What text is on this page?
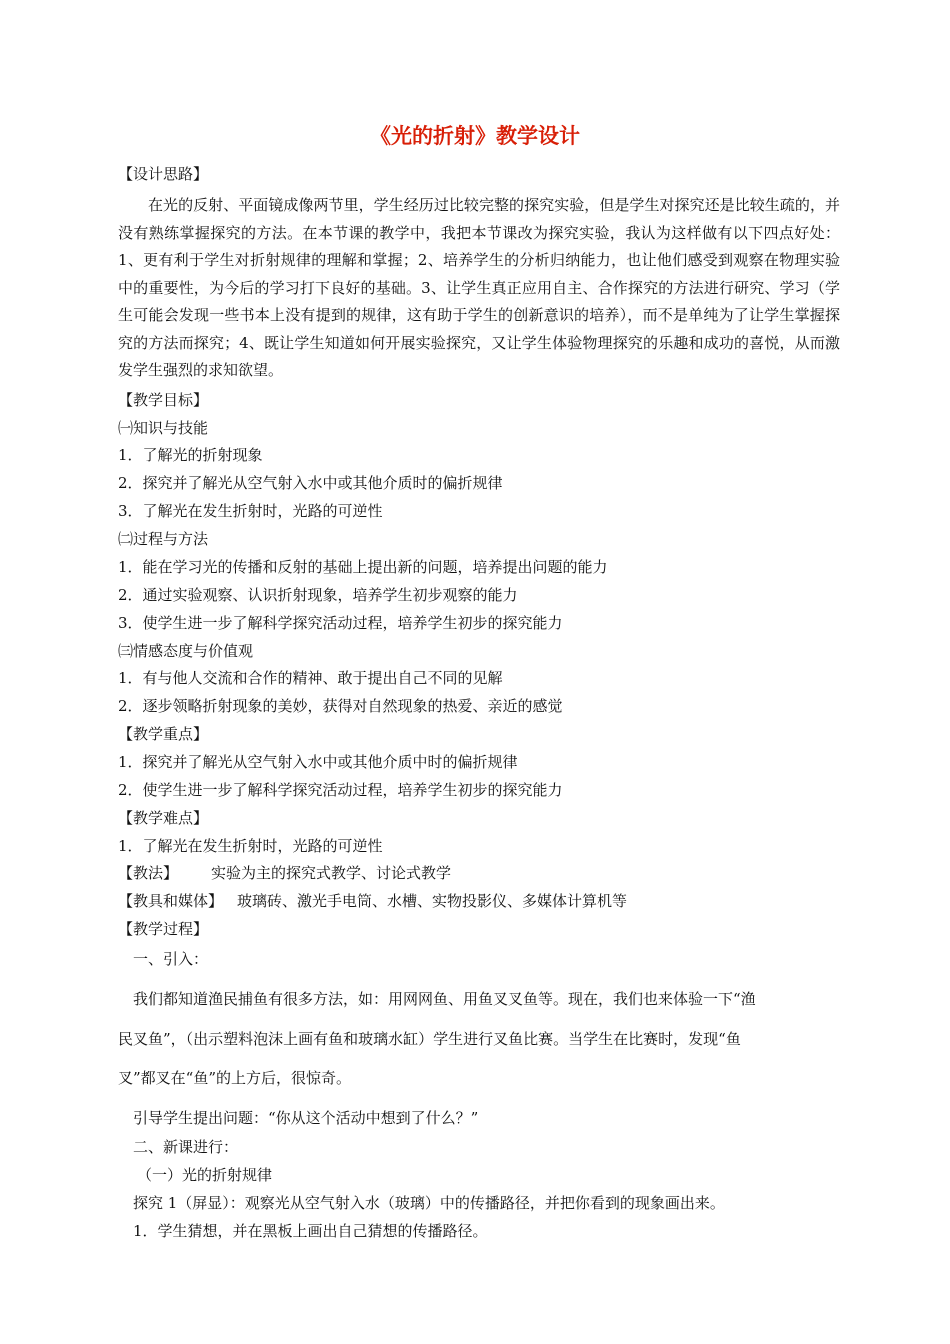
《光的折射》教学设计
【设计思路】
在光的反射、平面镜成像两节里，学生经历过比较完整的探究实验，但是学生对探究还是比较生疏的，并没有熟练掌握探究的方法。在本节课的教学中，我把本节课改为探究实验，我认为这样做有以下四点好处：1、更有利于学生对折射规律的理解和掌握；2、培养学生的分析归纳能力，也让他们感受到观察在物理实验中的重要性，为今后的学习打下良好的基础。3、让学生真正应用自主、合作探究的方法进行研究、学习（学生可能会发现一些书本上没有提到的规律，这有助于学生的创新意识的培养），而不是单纯为了让学生掌握探究的方法而探究；4、既让学生知道如何开展实验探究，又让学生体验物理探究的乐趣和成功的喜悦，从而激发学生强烈的求知欲望。
【教学目标】
㈠知识与技能
1．了解光的折射现象
2．探究并了解光从空气射入水中或其他介质时的偏折规律
3．了解光在发生折射时，光路的可逆性
㈡过程与方法
1．能在学习光的传播和反射的基础上提出新的问题，培养提出问题的能力
2．通过实验观察、认识折射现象，培养学生初步观察的能力
3．使学生进一步了解科学探究活动过程，培养学生初步的探究能力
㈢情感态度与价值观
1．有与他人交流和合作的精神、敢于提出自己不同的见解
2．逐步领略折射现象的美妙，获得对自然现象的热爱、亲近的感觉
【教学重点】
1．探究并了解光从空气射入水中或其他介质中时的偏折规律
2．使学生进一步了解科学探究活动过程，培养学生初步的探究能力
【教学难点】
1．了解光在发生折射时，光路的可逆性
【教法】 实验为主的探究式教学、讨论式教学
【教具和媒体】 玻璃砖、激光手电筒、水槽、实物投影仪、多媒体计算机等
【教学过程】
一、引入：
我们都知道渔民捕鱼有很多方法，如：用网网鱼、用鱼叉叉鱼等。现在，我们也来体验一下“渔
民叉鱼”，（出示塑料泡沫上画有鱼和玻璃水缸）学生进行叉鱼比赛。当学生在比赛时，发现“鱼
叉”都叉在“鱼”的上方后，很惊奇。
引导学生提出问题：“你从这个活动中想到了什么？”
二、新课进行：
（一）光的折射规律
探究 1（屏显）：观察光从空气射入水（玻璃）中的传播路径，并把你看到的现象画出来。
1．学生猜想，并在黑板上画出自己猜想的传播路径。
